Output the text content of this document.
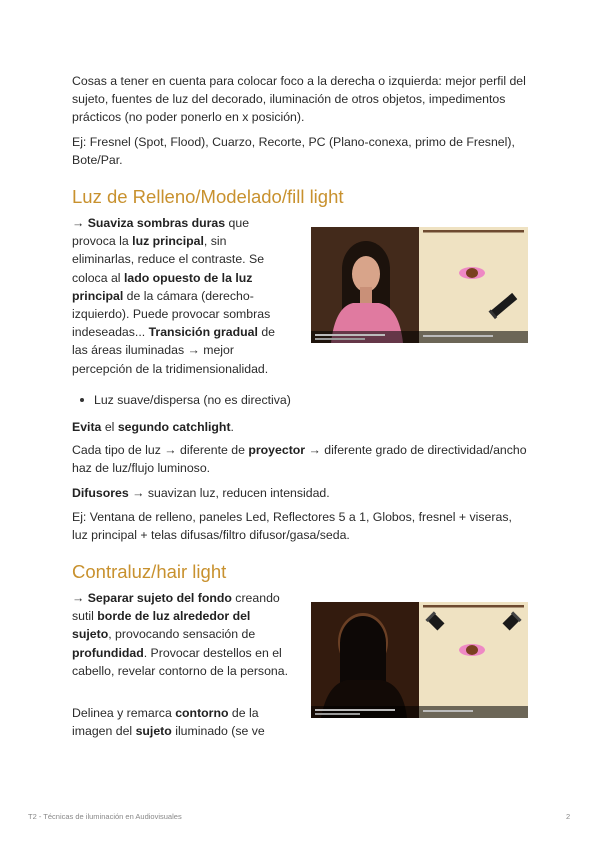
Cosas a tener en cuenta para colocar foco a la derecha o izquierda: mejor perfil del sujeto, fuentes de luz del decorado, iluminación de otros objetos, impedimentos prácticos (no poder ponerlo en x posición).

Ej: Fresnel (Spot, Flood), Cuarzo, Recorte, PC (Plano-conexa, primo de Fresnel), Bote/Par.

Luz de Relleno/Modelado/fill light

→ Suaviza sombras duras que provoca la luz principal, sin eliminarlas, reduce el contraste. Se coloca al lado opuesto de la luz principal de la cámara (derecho-izquierdo). Puede provocar sombras indeseadas... Transición gradual de las áreas iluminadas → mejor percepción de la tridimensionalidad.

Luz suave/dispersa (no es directiva)

Evita el segundo catchlight.

Cada tipo de luz → diferente de proyector → diferente grado de directividad/ancho haz de luz/flujo luminoso.

Difusores → suavizan luz, reducen intensidad.

Ej: Ventana de relleno, paneles Led, Reflectores 5 a 1, Globos, fresnel + viseras, luz principal + telas difusas/filtro difusor/gasa/seda.

Contraluz/hair light

→ Separar sujeto del fondo creando sutil borde de luz alrededor del sujeto, provocando sensación de profundidad. Provocar destellos en el cabello, revelar contorno de la persona.

Delinea y remarca contorno de la imagen del sujeto iluminado (se ve

T2 - Técnicas de iluminación en Audiovisuales	2
